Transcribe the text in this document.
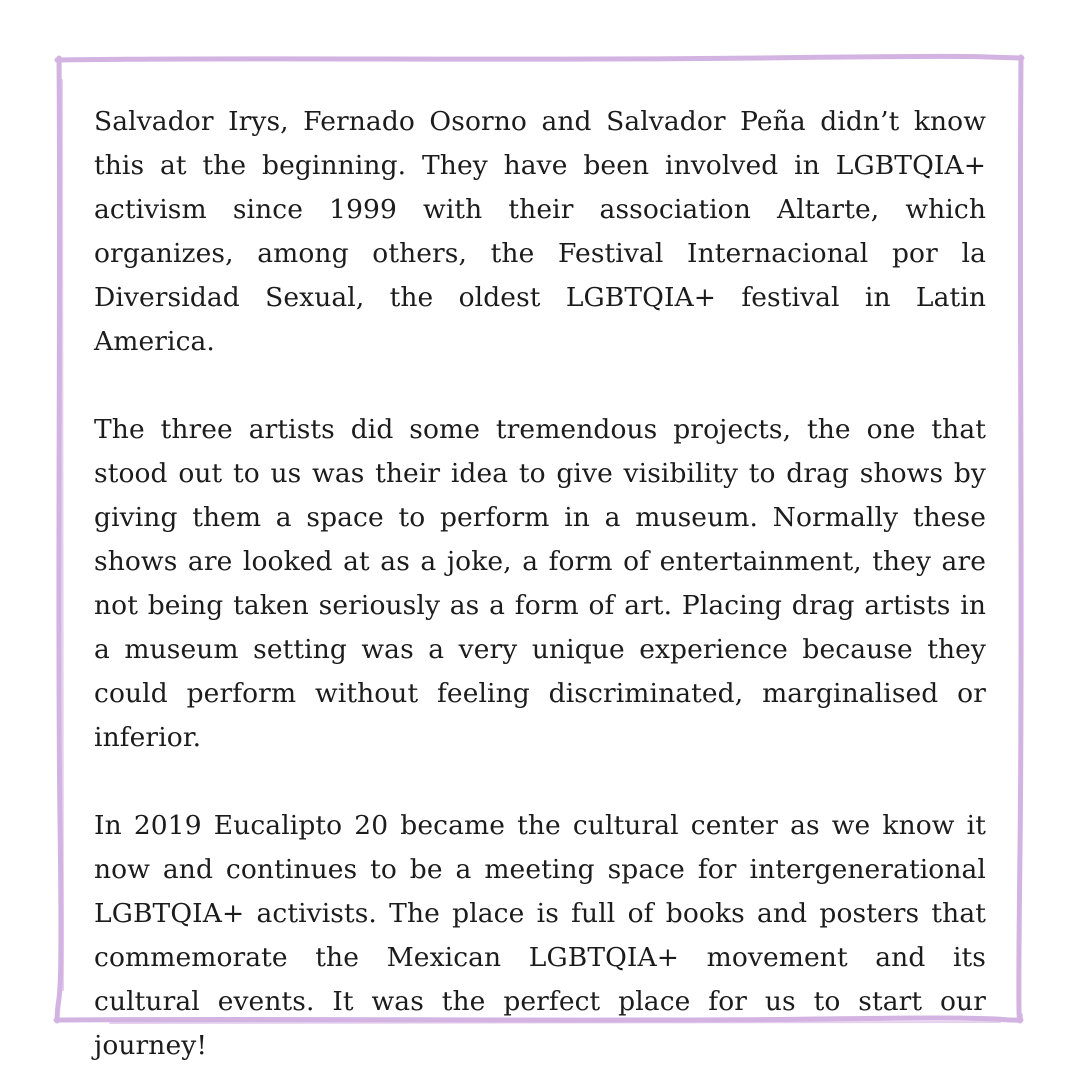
Salvador Irys, Fernado Osorno and Salvador Peña didn’t know this at the beginning. They have been involved in LGBTQIA+ activism since 1999 with their association Altarte, which organizes, among others, the Festival Internacional por la Diversidad Sexual, the oldest LGBTQIA+ festival in Latin America.

The three artists did some tremendous projects, the one that stood out to us was their idea to give visibility to drag shows by giving them a space to perform in a museum. Normally these shows are looked at as a joke, a form of entertainment, they are not being taken seriously as a form of art. Placing drag artists in a museum setting was a very unique experience because they could perform without feeling discriminated, marginalised or inferior.

In 2019 Eucalipto 20 became the cultural center as we know it now and continues to be a meeting space for intergenerational LGBTQIA+ activists. The place is full of books and posters that commemorate the Mexican LGBTQIA+ movement and its cultural events. It was the perfect place for us to start our journey!
